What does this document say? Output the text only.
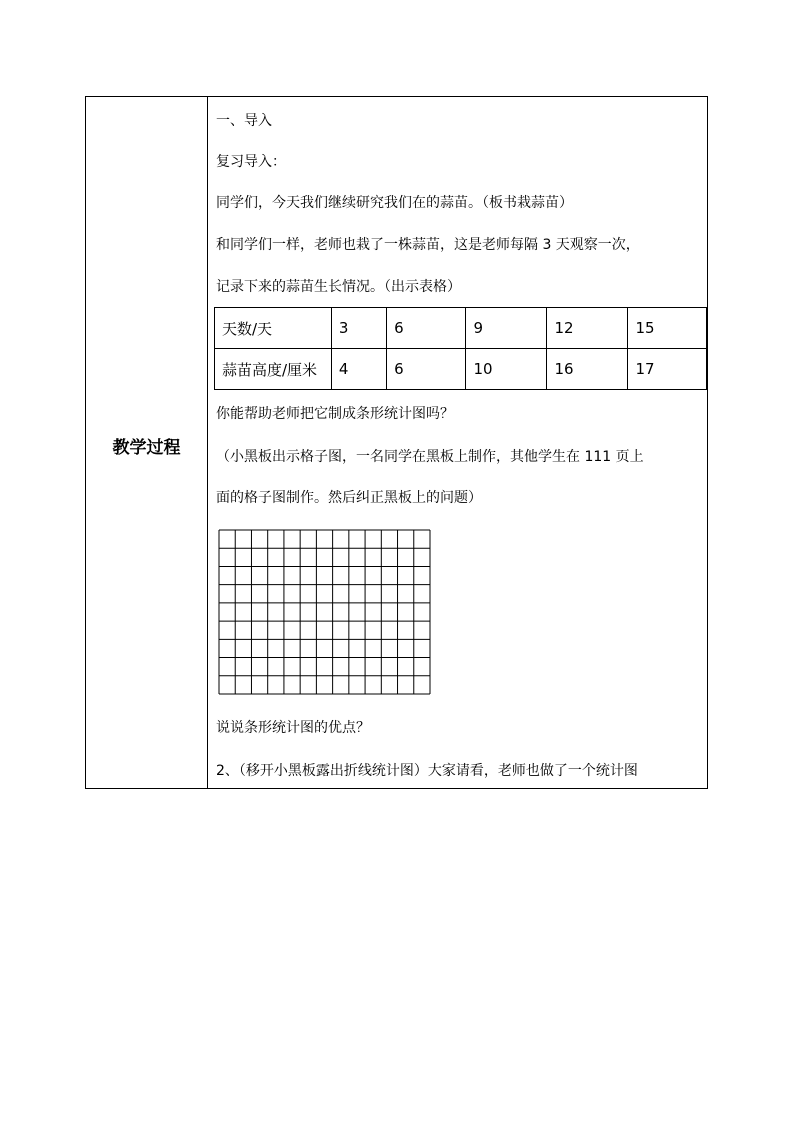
教学过程
一、导入
复习导入：
同学们，今天我们继续研究我们在的蒜苗。（板书栽蒜苗）
和同学们一样，老师也栽了一株蒜苗，这是老师每隔 3 天观察一次，
记录下来的蒜苗生长情况。（出示表格）
天数/天	3	6	9	12	15
蒜苗高度/厘米	4	6	10	16	17
你能帮助老师把它制成条形统计图吗？
（小黑板出示格子图，一名同学在黑板上制作，其他学生在 111 页上
面的格子图制作。然后纠正黑板上的问题）
说说条形统计图的优点？
2、（移开小黑板露出折线统计图）大家请看，老师也做了一个统计图
